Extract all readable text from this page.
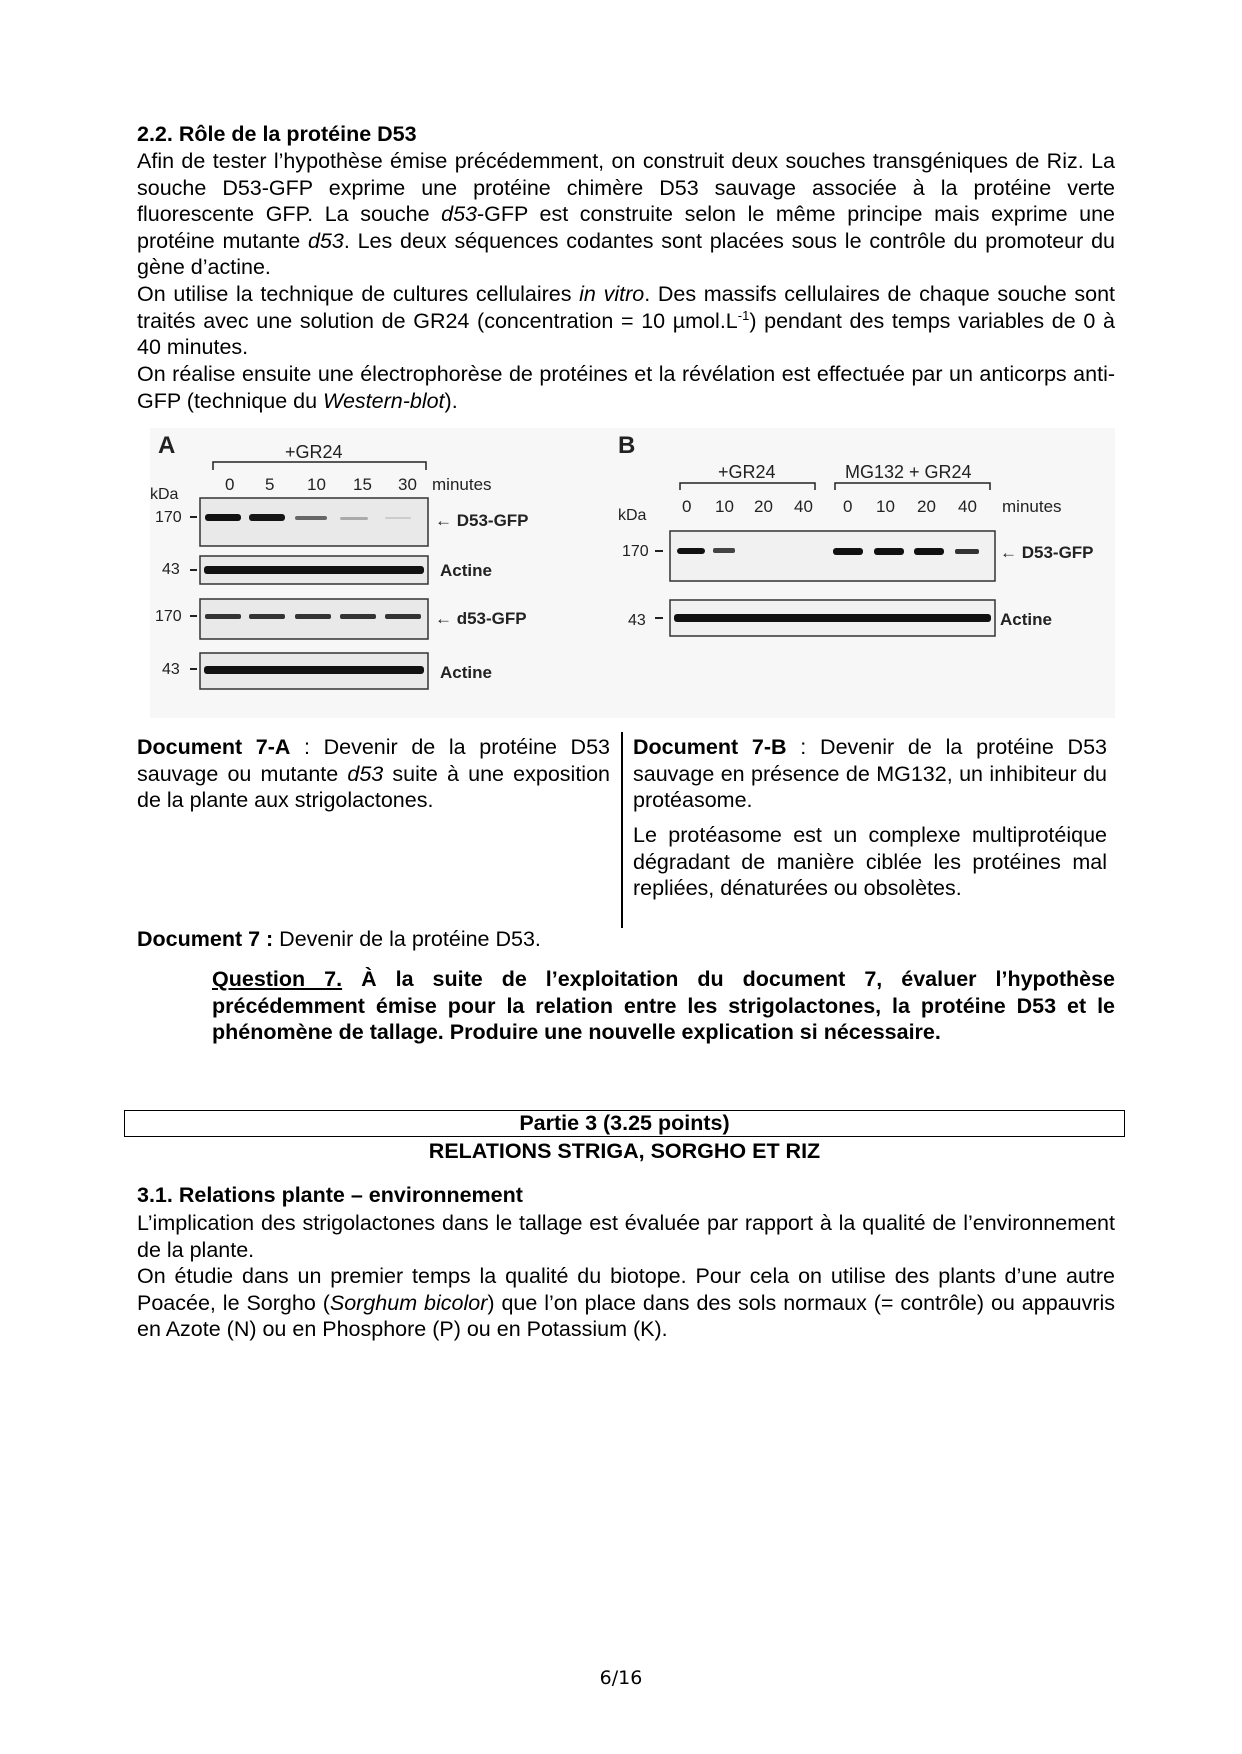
2.2. Rôle de la protéine D53
Afin de tester l’hypothèse émise précédemment, on construit deux souches transgéniques de Riz. La souche D53-GFP exprime une protéine chimère D53 sauvage associée à la protéine verte fluorescente GFP. La souche d53-GFP est construite selon le même principe mais exprime une protéine mutante d53. Les deux séquences codantes sont placées sous le contrôle du promoteur du gène d’actine.
On utilise la technique de cultures cellulaires in vitro. Des massifs cellulaires de chaque souche sont traités avec une solution de GR24 (concentration = 10 $\mu mol.L^{-1}$) pendant des temps variables de 0 à 40 minutes.
On réalise ensuite une électrophorèse de protéines et la révélation est effectuée par un anticorps anti-GFP (technique du Western-blot).
A	+GR24
0 5 10 15 30 minutes
kDa
170	← D53-GFP
43	Actine
170	← d53-GFP
43	Actine
B
+GR24	MG132 + GR24
0 10 20 40 0 10 20 40 minutes
kDa
170	← D53-GFP
43	Actine
Document 7-A : Devenir de la protéine D53 sauvage ou mutante d53 suite à une exposition de la plante aux strigolactones.
Document 7-B : Devenir de la protéine D53 sauvage en présence de MG132, un inhibiteur du protéasome.
Le protéasome est un complexe multiprotéique dégradant de manière ciblée les protéines mal repliées, dénaturées ou obsolètes.
Document 7 : Devenir de la protéine D53.
Question 7. À la suite de l’exploitation du document 7, évaluer l’hypothèse précédemment émise pour la relation entre les strigolactones, la protéine D53 et le phénomène de tallage. Produire une nouvelle explication si nécessaire.
Partie 3 (3.25 points)
RELATIONS STRIGA, SORGHO ET RIZ
3.1. Relations plante – environnement
L’implication des strigolactones dans le tallage est évaluée par rapport à la qualité de l’environnement de la plante.
On étudie dans un premier temps la qualité du biotope. Pour cela on utilise des plants d’une autre Poacée, le Sorgho (Sorghum bicolor) que l’on place dans des sols normaux (= contrôle) ou appauvris en Azote (N) ou en Phosphore (P) ou en Potassium (K).
6/16
